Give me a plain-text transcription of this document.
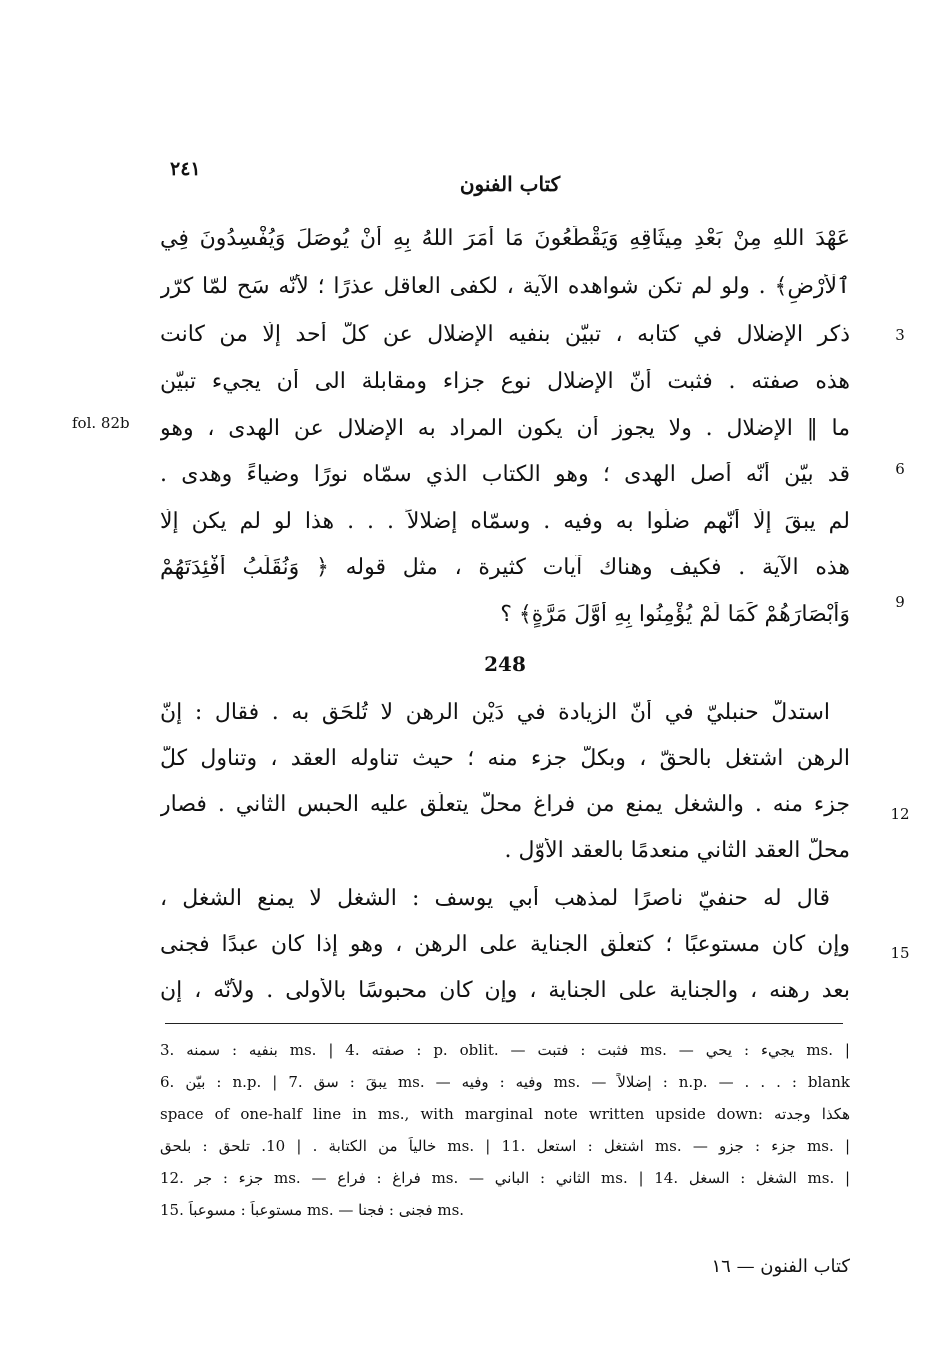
٢٤١
كتاب الفنون
عَهْدَ اللهِ مِنْ بَعْدِ مِيثَاقِهِ وَيَقْطَعُونَ مَا أَمَرَ اللهُ بِهِ أَنْ يُوصَلَ وَيُفْسِدُونَ فِي
ٱلْأَرْضِ﴾ . ولو لم تكن شواهده الآية ، لكفى العاقل عذرًا ؛ لأنّه سَح لمّا كرّر
ذكر الإضلال في كتابه ، تبيّن بنفيه الإضلال عن كلّ أحد إلّا من كانت
هذه صفته . فثبت أنّ الإضلال نوع جزاء ومقابلة الى أن يجيء تبيّن
ما ‖ الإضلال . ولا يجوز أن يكون المراد به الإضلال عن الهدى ، وهو
قد بيّن أنّه أصل الهدى ؛ وهو الكتاب الذي سمّاه نورًا وضياءً وهدى .
لم يبقَ إلّا أنّهم ضلّوا به وفيه . وسمّاه إضلالاً . . . هذا لو لم يكن إلّا
هذه الآية . فكيف وهناك آيات كثيرة ، مثل قوله ﴿ وَنُقَلِّبُ أَفْئِدَتَهُمْ
وَأَبْصَارَهُمْ كَمَا لَمْ يُؤْمِنُوا بِهِ أَوَّلَ مَرَّةٍ﴾ ؟
3
6
9
fol. 82b
248
استدلّ حنبليّ في أنّ الزيادة في دَيْن الرهن لا تُلحَق به . فقال : إنّ
الرهن اشتغل بالحقّ ، وبكلّ جزء منه ؛ حيث تناوله العقد ، وتناول كلّ
جزء منه . والشغل يمنع من فراغ محلّ يتعلّق عليه الحبس الثاني . فصار
محلّ العقد الثاني منعدمًا بالعقد الأوّل .
قال له حنفيّ ناصرًا لمذهب أبي يوسف : الشغل لا يمنع الشغل ،
وإن كان مستوعبًا ؛ كتعلّق الجناية على الرهن ، وهو إذا كان عبدًا فجنى
بعد رهنه ، والجناية على الجناية ، وإن كان محبوسًا بالأولى . ولأنّه ، إن
12
15
3. بنفيه : سمنه ms. | 4. صفته : p. oblit. — فثبت : فتبت ms. — يجيء : يحي ms. |
6. بيّن : n.p. | 7. يبقَ : سق ms. — وفيه : وفيه ms. — إضلالاً : n.p. — . . . : blank
space of one-half line in ms., with marginal note written upside down: هكذا وجدته
خالياً من الكتابة . | 10. تلحق : بلحق ms. | 11. اشتغل : استعل ms. — جزء : جزو ms. |
12. جزء : جر ms. — فراغ : فراع ms. — الثاني : الباني ms. | 14. الشغل : السغل ms. |
15. مستوعباً : مسوعباً ms. — فجنى : فجنا ms.
كتاب الفنون — ١٦
